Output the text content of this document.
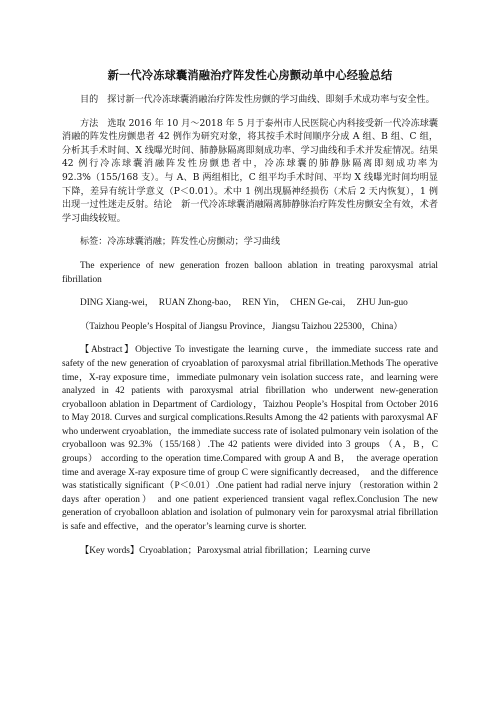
新一代冷冻球囊消融治疗阵发性心房颤动单中心经验总结

目的　探讨新一代冷冻球囊消融治疗阵发性房颤的学习曲线、即刻手术成功率与安全性。

方法　选取 2016 年 10 月～2018 年 5 月于泰州市人民医院心内科接受新一代冷冻球囊消融的阵发性房颤患者 42 例作为研究对象，将其按手术时间顺序分成 A 组、B 组、C 组，分析其手术时间、X 线曝光时间、肺静脉隔离即刻成功率、学习曲线和手术并发症情况。结果　42 例行冷冻球囊消融阵发性房颤患者中，冷冻球囊的肺静脉隔离即刻成功率为 92.3%（155/168 支）。与 A、B 两组相比，C 组平均手术时间、平均 X 线曝光时间均明显下降，差异有统计学意义（P＜0.01）。术中 1 例出现膈神经损伤（术后 2 天内恢复），1 例出现一过性迷走反射。结论　新一代冷冻球囊消融隔离肺静脉治疗阵发性房颤安全有效，术者学习曲线较短。

标签：冷冻球囊消融；阵发性心房颤动；学习曲线

The experience of new generation frozen balloon ablation in treating paroxysmal atrial fibrillation

DING Xiang-wei，　RUAN Zhong-bao，　REN Yin，　CHEN Ge-cai，　ZHU Jun-guo

（Taizhou People’s Hospital of Jiangsu Province，Jiangsu Taizhou 225300，China）

【Abstract】Objective To investigate the learning curve，the immediate success rate and safety of the new generation of cryoablation of paroxysmal atrial fibrillation.Methods The operative time，X-ray exposure time，immediate pulmonary vein isolation success rate，and learning were analyzed in 42 patients with paroxysmal atrial fibrillation who underwent new-generation cryoballoon ablation in Department of Cardiology，Taizhou People’s Hospital from October 2016 to May 2018. Curves and surgical complications.Results Among the 42 patients with paroxysmal AF who underwent cryoablation，the immediate success rate of isolated pulmonary vein isolation of the cryoballoon was 92.3%（155/168）.The 42 patients were divided into 3 groups （A，B，C groups） according to the operation time.Compared with group A and B，　the average operation time and average X-ray exposure time of group C were significantly decreased，　and the difference was statistically significant（P＜0.01）.One patient had radial nerve injury （restoration within 2 days after operation） and one patient experienced transient vagal reflex.Conclusion The new generation of cryoballoon ablation and isolation of pulmonary vein for paroxysmal atrial fibrillation is safe and effective，and the operator’s learning curve is shorter.

【Key words】Cryoablation；Paroxysmal atrial fibrillation；Learning curve
